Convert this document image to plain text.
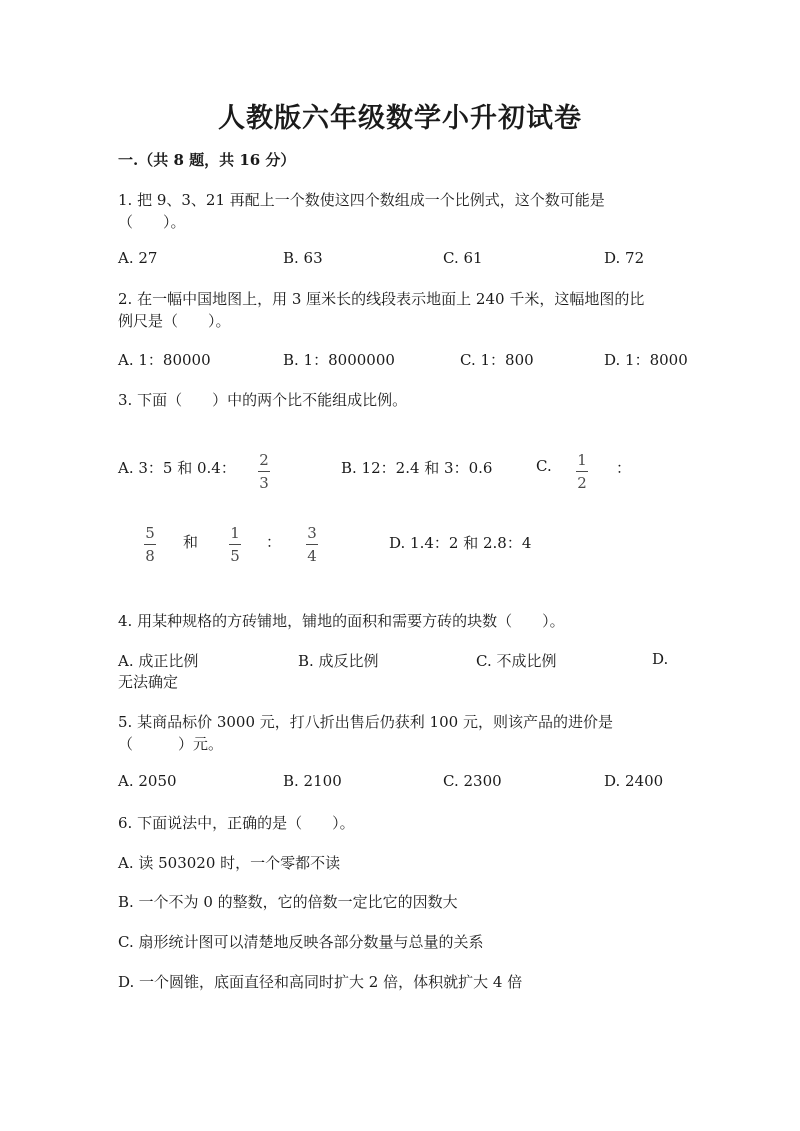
人教版六年级数学小升初试卷
一.（共 8 题，共 16 分）
1. 把 9、3、21 再配上一个数使这四个数组成一个比例式，这个数可能是
（　　）。
A. 27	B. 63	C. 61	D. 72
2. 在一幅中国地图上，用 3 厘米长的线段表示地面上 240 千米，这幅地图的比
例尺是（　　）。
A. 1：80000	B. 1：8000000	C. 1：800	D. 1：8000
3. 下面（　　）中的两个比不能组成比例。
A. 3：5 和 0.4： 2
3
B. 12：2.4 和 3：0.6	C. 1
2
：
5
8
和 1
5
： 3
4
D. 1.4：2 和 2.8：4
4. 用某种规格的方砖铺地，铺地的面积和需要方砖的块数（　　）。
A. 成正比例	B. 成反比例	C. 不成比例	D.
无法确定
5. 某商品标价 3000 元，打八折出售后仍获利 100 元，则该产品的进价是
（　　　）元。
A. 2050	B. 2100	C. 2300	D. 2400
6. 下面说法中，正确的是（　　）。
A. 读 503020 时，一个零都不读
B. 一个不为 0 的整数，它的倍数一定比它的因数大
C. 扇形统计图可以清楚地反映各部分数量与总量的关系
D. 一个圆锥，底面直径和高同时扩大 2 倍，体积就扩大 4 倍
